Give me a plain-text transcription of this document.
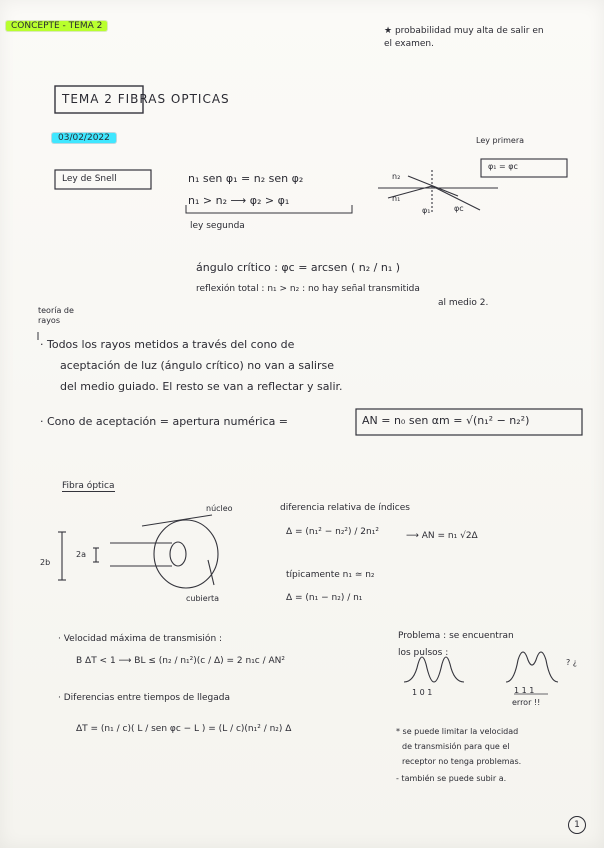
CONCEPTE - TEMA 2	★ probabilidad muy alta de salir en el examen.
TEMA 2 FIBRAS OPTICAS
03/02/2022
Ley de Snell	n₁ sen φ₁ = n₂ sen φ₂
n₁ > n₂ ⟶ φ₂ > φ₁
ley segunda
Ley primera
n₂
n₁
φ₁	φc
φ₁ = φc
ángulo crítico : φc = arcsen ( n₂ / n₁ )
reflexión total : n₁ > n₂ : no hay señal transmitida
al medio 2.
teoría de rayos
· Todos los rayos metidos a través del cono de
aceptación de luz (ángulo crítico) no van a salirse
del medio guiado. El resto se van a reflectar y salir.
· Cono de aceptación = apertura numérica =	AN = n₀ sen αm = √(n₁² − n₂²)
Fibra óptica
núcleo
cubierta
2b
2a
diferencia relativa de índices
Δ = (n₁² − n₂²) / 2n₁²	⟶ AN = n₁ √2Δ
típicamente n₁ ≃ n₂
Δ = (n₁ − n₂) / n₁
· Velocidad máxima de transmisión :
B ΔT < 1 ⟶ BL ≤ (n₂ / n₁²)(c / Δ) = 2 n₁c / AN²
· Diferencias entre tiempos de llegada
ΔT = (n₁ / c)( L / sen φc − L ) = (L / c)(n₁² / n₂) Δ
Problema : se encuentran
los pulsos :
1 0 1	1 1 1
? ¿
error !!
* se puede limitar la velocidad
de transmisión para que el
receptor no tenga problemas.
- también se puede subir a.
1
